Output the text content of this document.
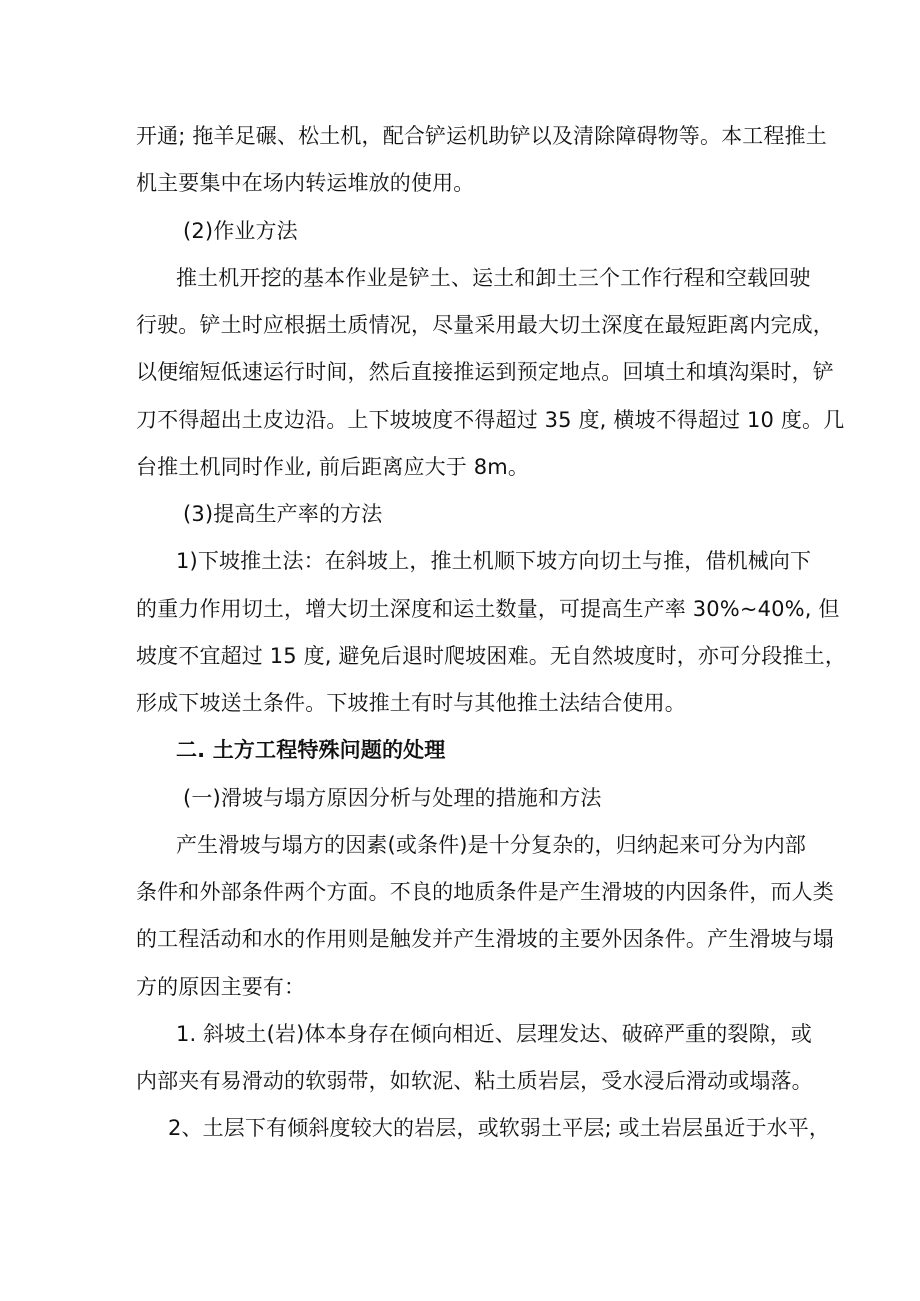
开通; 拖羊足碾、松土机，配合铲运机助铲以及清除障碍物等。本工程推土
机主要集中在场内转运堆放的使用。
(2)作业方法
推土机开挖的基本作业是铲土、运土和卸土三个工作行程和空载回驶
行驶。铲土时应根据土质情况，尽量采用最大切土深度在最短距离内完成，
以便缩短低速运行时间，然后直接推运到预定地点。回填土和填沟渠时，铲
刀不得超出土皮边沿。上下坡坡度不得超过 35 度, 横坡不得超过 10 度。几
台推土机同时作业, 前后距离应大于 8m。
(3)提高生产率的方法
1)下坡推土法：在斜坡上，推土机顺下坡方向切土与推，借机械向下
的重力作用切土，增大切土深度和运土数量，可提高生产率 30%~40%, 但
坡度不宜超过 15 度, 避免后退时爬坡困难。无自然坡度时，亦可分段推土，
形成下坡送土条件。下坡推土有时与其他推土法结合使用。
二. 土方工程特殊问题的处理
(一)滑坡与塌方原因分析与处理的措施和方法
产生滑坡与塌方的因素(或条件)是十分复杂的，归纳起来可分为内部
条件和外部条件两个方面。不良的地质条件是产生滑坡的内因条件，而人类
的工程活动和水的作用则是触发并产生滑坡的主要外因条件。产生滑坡与塌
方的原因主要有：
1. 斜坡土(岩)体本身存在倾向相近、层理发达、破碎严重的裂隙，或
内部夹有易滑动的软弱带，如软泥、粘土质岩层，受水浸后滑动或塌落。
2、土层下有倾斜度较大的岩层，或软弱土平层; 或土岩层虽近于水平，
